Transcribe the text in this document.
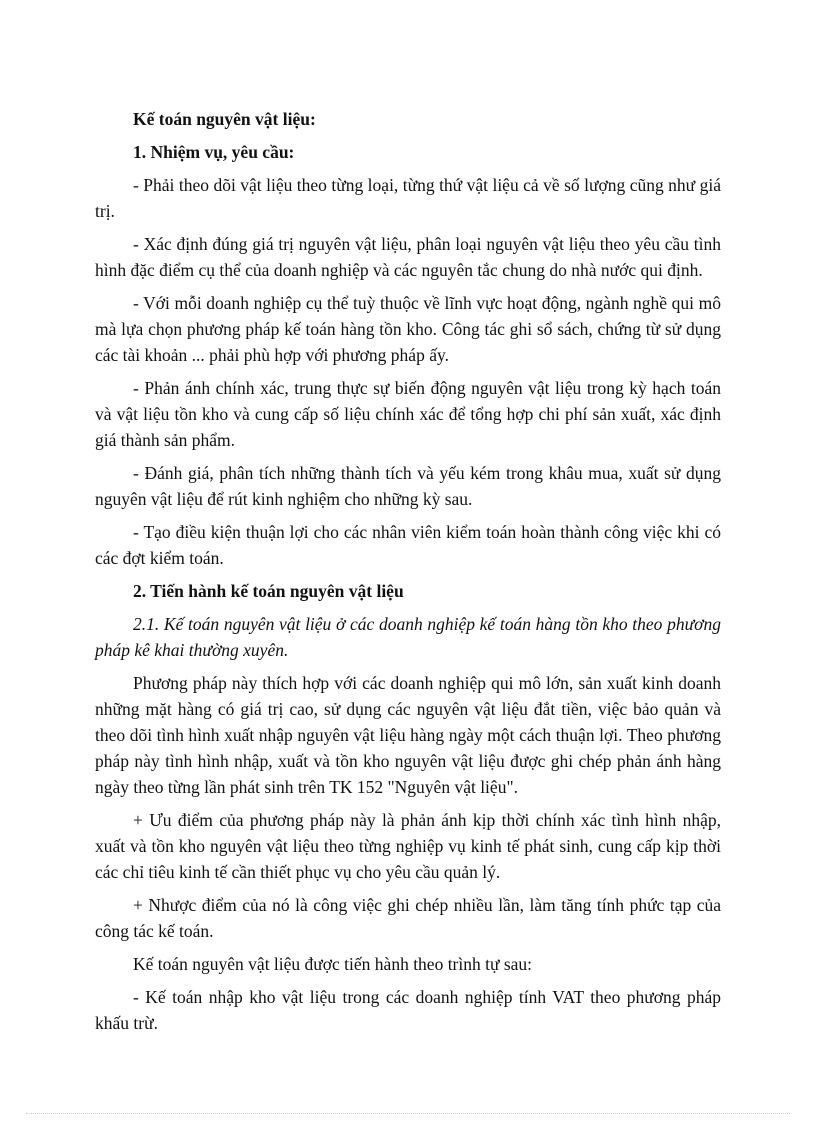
Kế toán nguyên vật liệu:

1. Nhiệm vụ, yêu cầu:

- Phải theo dõi vật liệu theo từng loại, từng thứ vật liệu cả về số lượng cũng như giá trị.

- Xác định đúng giá trị nguyên vật liệu, phân loại nguyên vật liệu theo yêu cầu tình hình đặc điểm cụ thể của doanh nghiệp và các nguyên tắc chung do nhà nước qui định.

- Với mỗi doanh nghiệp cụ thể tuỳ thuộc về lĩnh vực hoạt động, ngành nghề qui mô mà lựa chọn phương pháp kế toán hàng tồn kho. Công tác ghi sổ sách, chứng từ sử dụng các tài khoản ... phải phù hợp với phương pháp ấy.

- Phản ánh chính xác, trung thực sự biến động nguyên vật liệu trong kỳ hạch toán và vật liệu tồn kho và cung cấp số liệu chính xác để tổng hợp chi phí sản xuất, xác định giá thành sản phẩm.

- Đánh giá, phân tích những thành tích và yếu kém trong khâu mua, xuất sử dụng nguyên vật liệu để rút kinh nghiệm cho những kỳ sau.

- Tạo điều kiện thuận lợi cho các nhân viên kiểm toán hoàn thành công việc khi có các đợt kiểm toán.

2. Tiến hành kế toán nguyên vật liệu

2.1. Kế toán nguyên vật liệu ở các doanh nghiệp kế toán hàng tồn kho theo phương pháp kê khai thường xuyên.

Phương pháp này thích hợp với các doanh nghiệp qui mô lớn, sản xuất kinh doanh những mặt hàng có giá trị cao, sử dụng các nguyên vật liệu đắt tiền, việc bảo quản và theo dõi tình hình xuất nhập nguyên vật liệu hàng ngày một cách thuận lợi. Theo phương pháp này tình hình nhập, xuất và tồn kho nguyên vật liệu được ghi chép phản ánh hàng ngày theo từng lần phát sinh trên TK 152 "Nguyên vật liệu".

+ Ưu điểm của phương pháp này là phản ánh kịp thời chính xác tình hình nhập, xuất và tồn kho nguyên vật liệu theo từng nghiệp vụ kinh tế phát sinh, cung cấp kịp thời các chỉ tiêu kinh tế cần thiết phục vụ cho yêu cầu quản lý.

+ Nhược điểm của nó là công việc ghi chép nhiều lần, làm tăng tính phức tạp của công tác kế toán.

Kế toán nguyên vật liệu được tiến hành theo trình tự sau:

- Kế toán nhập kho vật liệu trong các doanh nghiệp tính VAT theo phương pháp khấu trừ.
